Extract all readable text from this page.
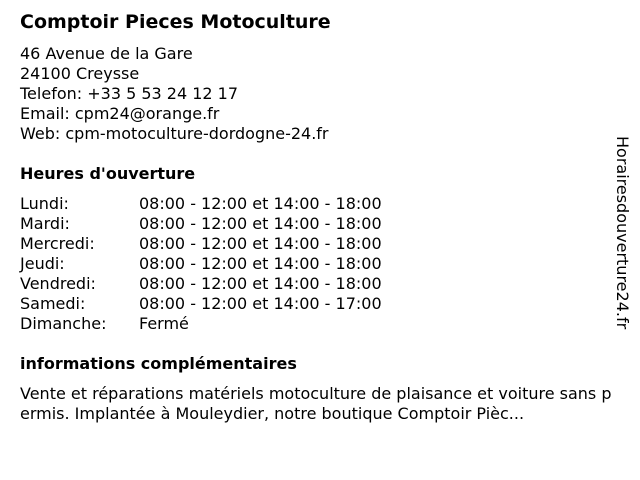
Comptoir Pieces Motoculture
46 Avenue de la Gare
24100 Creysse
Telefon: +33 5 53 24 12 17
Email: cpm24@orange.fr
Web: cpm-motoculture-dordogne-24.fr
Heures d'ouverture
Lundi:	08:00 - 12:00 et 14:00 - 18:00
Mardi:	08:00 - 12:00 et 14:00 - 18:00
Mercredi:	08:00 - 12:00 et 14:00 - 18:00
Jeudi:	08:00 - 12:00 et 14:00 - 18:00
Vendredi:	08:00 - 12:00 et 14:00 - 18:00
Samedi:	08:00 - 12:00 et 14:00 - 17:00
Dimanche: Fermé
informations complémentaires
Vente et réparations matériels motoculture de plaisance et voiture sans permis. Implantée à Mouleydier, notre boutique Comptoir Pièc...
Horairesdouverture24.fr
